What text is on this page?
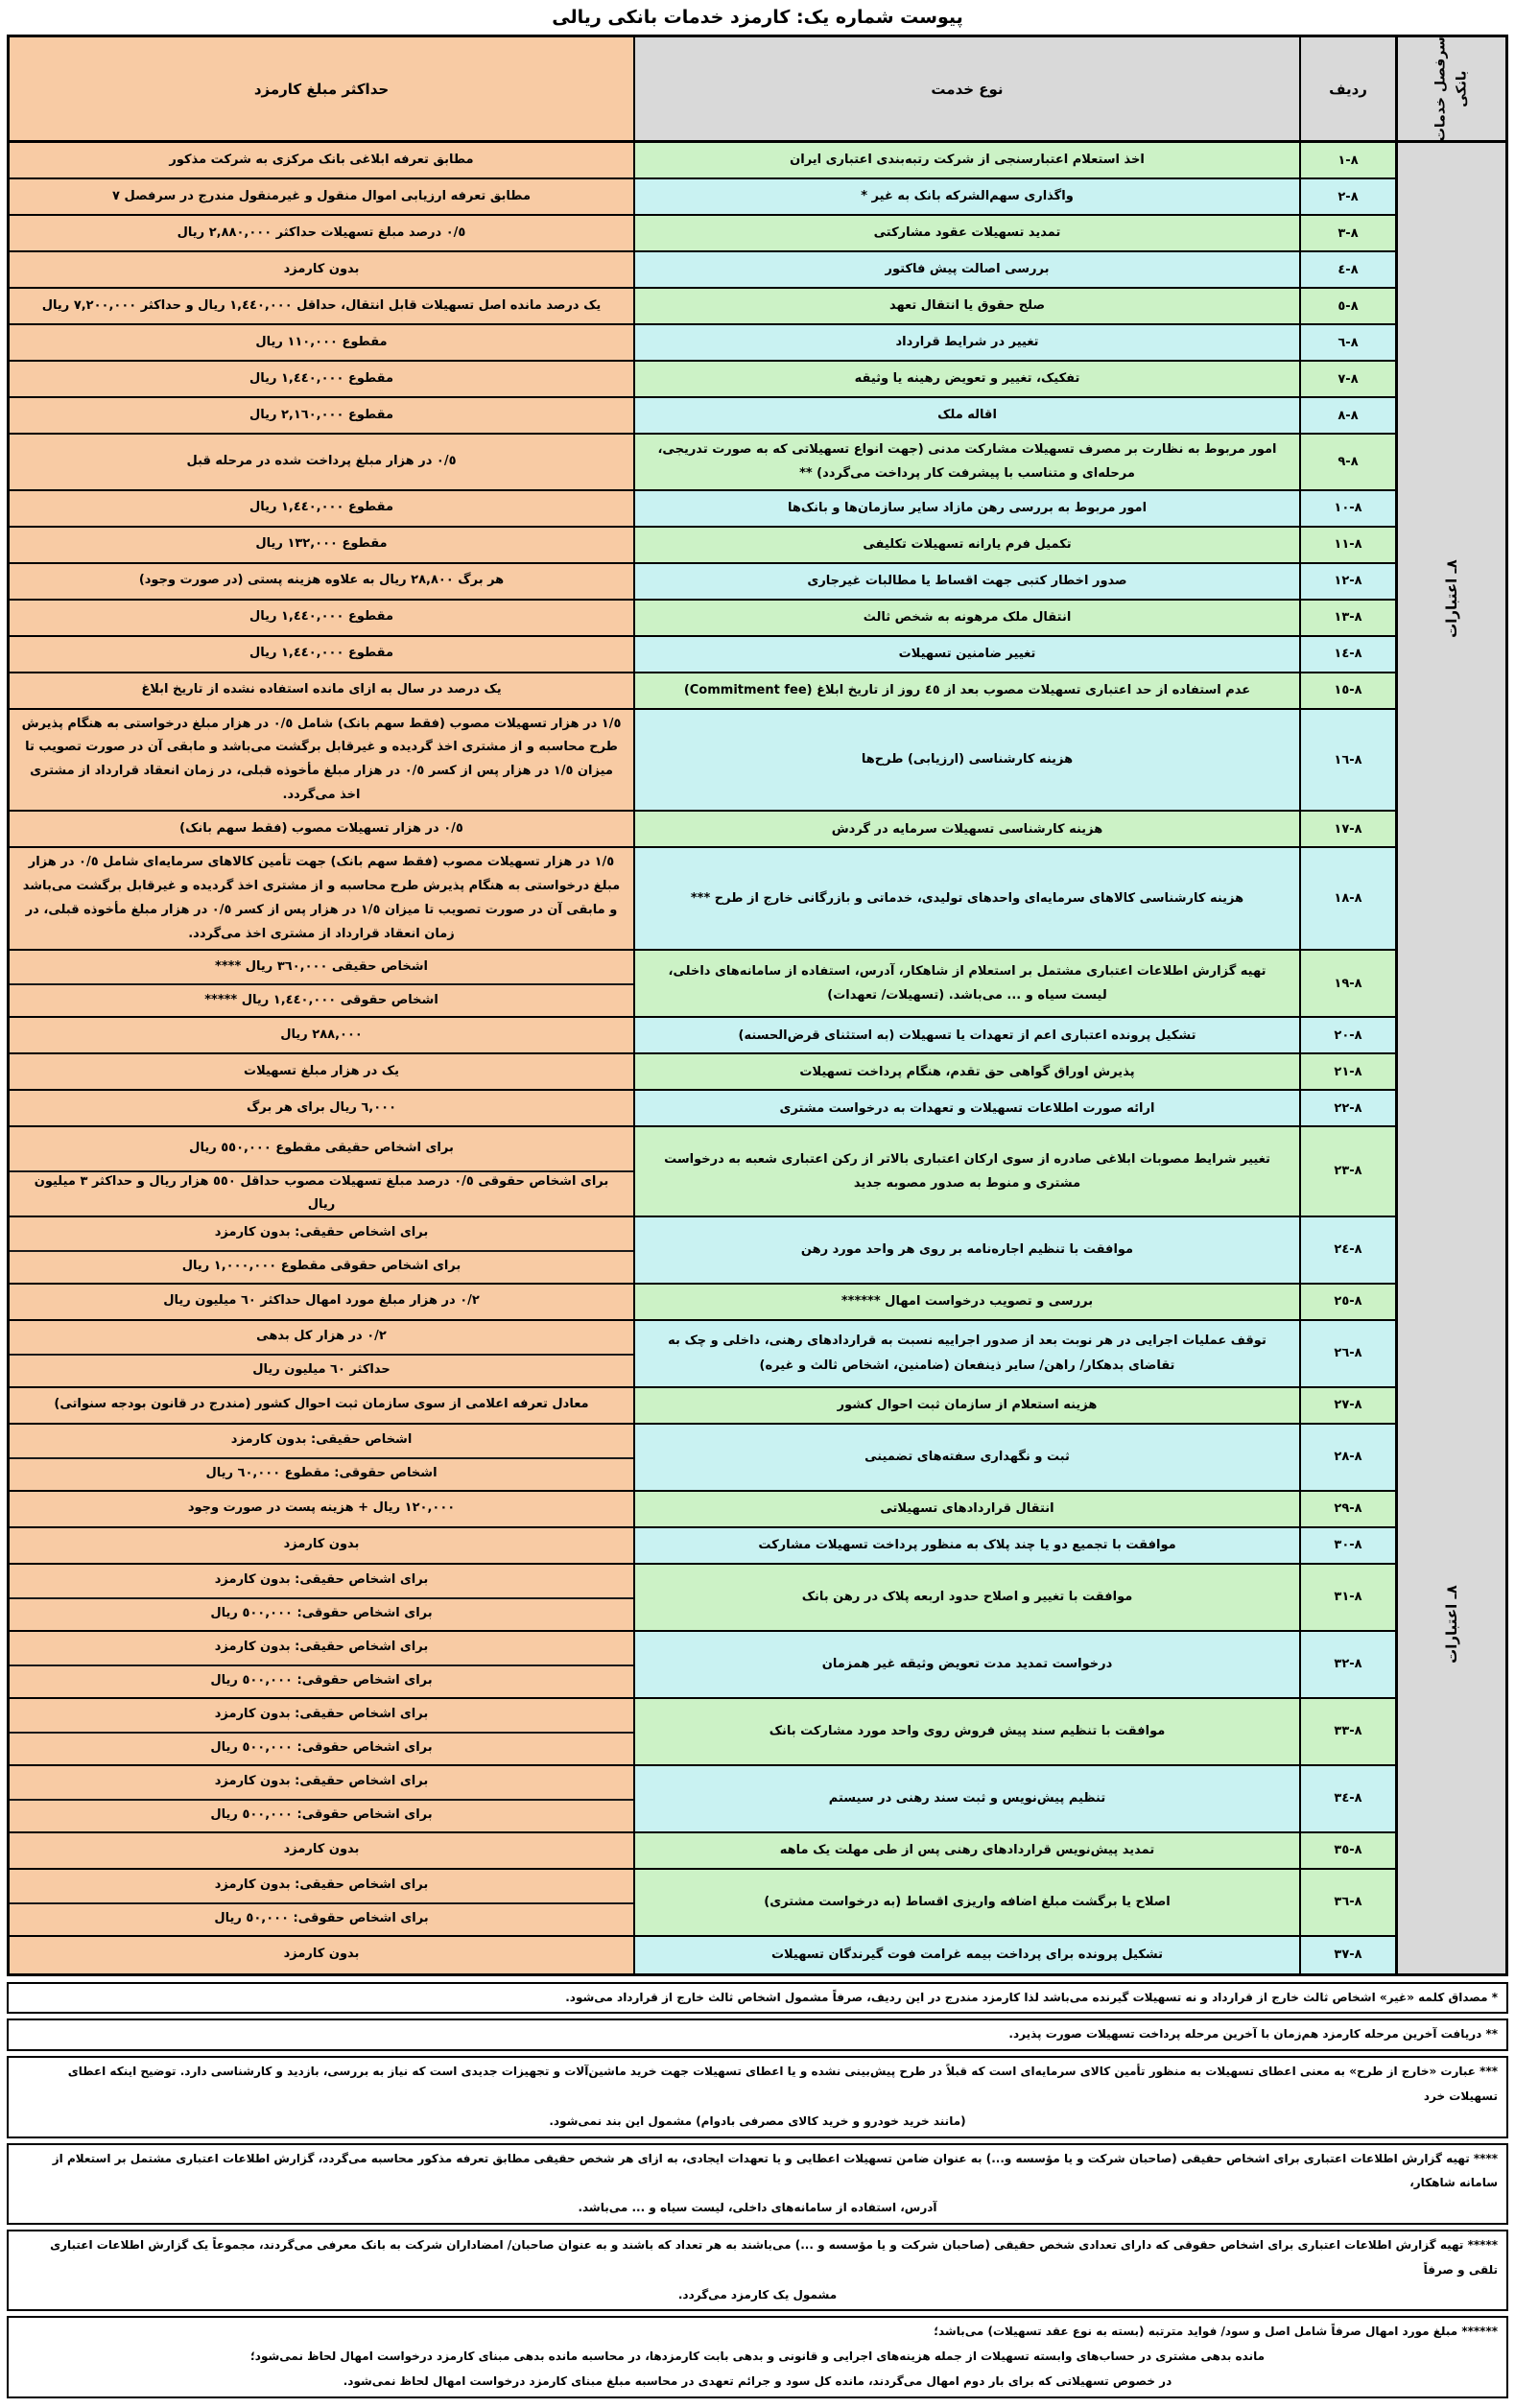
پیوست شماره یک: کارمزد خدمات بانکی ریالی
سرفصل خدمات بانکی
٨ـ اعتبارات
٨ـ اعتبارات
ردیف
نوع خدمت
حداکثر مبلغ کارمزد
٨-١
اخذ استعلام اعتبارسنجی از شرکت رتبه‌بندی اعتباری ایران
مطابق تعرفه ابلاغی بانک مرکزی به شرکت مذکور
٨-٢
واگذاری سهم‌الشرکه بانک به غیر *
مطابق تعرفه ارزیابی اموال منقول و غیرمنقول مندرج در سرفصل ٧
٨-٣
تمدید تسهیلات عقود مشارکتی
٠/٥ درصد مبلغ تسهیلات حداکثر ٢,٨٨٠,٠٠٠ ریال
٨-٤
بررسی اصالت پیش فاکتور
بدون کارمزد
٨-٥
صلح حقوق یا انتقال تعهد
یک درصد مانده اصل تسهیلات قابل انتقال، حداقل ١,٤٤٠,٠٠٠ ریال و حداکثر ٧,٢٠٠,٠٠٠ ریال
٨-٦
تغییر در شرایط قرارداد
مقطوع ١١٠,٠٠٠ ریال
٨-٧
تفکیک، تغییر و تعویض رهینه یا وثیقه
مقطوع ١,٤٤٠,٠٠٠ ریال
٨-٨
اقاله ملک
مقطوع ٢,١٦٠,٠٠٠ ریال
٨-٩
امور مربوط به نظارت بر مصرف تسهیلات مشارکت مدنی (جهت انواع تسهیلاتی که به صورت تدریجی، مرحله‌ای و متناسب با پیشرفت کار پرداخت می‌گردد) **
٠/٥ در هزار مبلغ پرداخت شده در مرحله قبل
٨-١٠
امور مربوط به بررسی رهن مازاد سایر سازمان‌ها و بانک‌ها
مقطوع ١,٤٤٠,٠٠٠ ریال
٨-١١
تکمیل فرم یارانه تسهیلات تکلیفی
مقطوع ١٣٢,٠٠٠ ریال
٨-١٢
صدور اخطار کتبی جهت اقساط یا مطالبات غیرجاری
هر برگ ٢٨,٨٠٠ ریال به علاوه هزینه پستی (در صورت وجود)
٨-١٣
انتقال ملک مرهونه به شخص ثالث
مقطوع ١,٤٤٠,٠٠٠ ریال
٨-١٤
تغییر ضامنین تسهیلات
مقطوع ١,٤٤٠,٠٠٠ ریال
٨-١٥
عدم استفاده از حد اعتباری تسهیلات مصوب بعد از ٤٥ روز از تاریخ ابلاغ (Commitment fee)
یک درصد در سال به ازای مانده استفاده نشده از تاریخ ابلاغ
٨-١٦
هزینه کارشناسی (ارزیابی) طرح‌ها
١/٥ در هزار تسهیلات مصوب (فقط سهم بانک) شامل ٠/٥ در هزار مبلغ درخواستی به هنگام پذیرش طرح محاسبه و از مشتری اخذ گردیده و غیرقابل برگشت می‌باشد و مابقی آن در صورت تصویب تا میزان ١/٥ در هزار پس از کسر ٠/٥ در هزار مبلغ مأخوذه قبلی، در زمان انعقاد قرارداد از مشتری اخذ می‌گردد.
٨-١٧
هزینه کارشناسی تسهیلات سرمایه در گردش
٠/٥ در هزار تسهیلات مصوب (فقط سهم بانک)
٨-١٨
هزینه کارشناسی کالاهای سرمایه‌ای واحدهای تولیدی، خدماتی و بازرگانی خارج از طرح ***
١/٥ در هزار تسهیلات مصوب (فقط سهم بانک) جهت تأمین کالاهای سرمایه‌ای شامل ٠/٥ در هزار مبلغ درخواستی به هنگام پذیرش طرح محاسبه و از مشتری اخذ گردیده و غیرقابل برگشت می‌باشد و مابقی آن در صورت تصویب تا میزان ١/٥ در هزار پس از کسر ٠/٥ در هزار مبلغ مأخوذه قبلی، در زمان انعقاد قرارداد از مشتری اخذ می‌گردد.
٨-١٩
تهیه گزارش اطلاعات اعتباری مشتمل بر استعلام از شاهکار، آدرس، استفاده از سامانه‌های داخلی، لیست سیاه و ... می‌باشد. (تسهیلات/ تعهدات)
اشخاص حقیقی ٣٦٠,٠٠٠ ریال ****
اشخاص حقوقی ١,٤٤٠,٠٠٠ ریال *****
٨-٢٠
تشکیل پرونده اعتباری اعم از تعهدات یا تسهیلات (به استثنای قرض‌الحسنه)
٢٨٨,٠٠٠ ریال
٨-٢١
پذیرش اوراق گواهی حق تقدم، هنگام پرداخت تسهیلات
یک در هزار مبلغ تسهیلات
٨-٢٢
ارائه صورت اطلاعات تسهیلات و تعهدات به درخواست مشتری
٦,٠٠٠ ریال برای هر برگ
٨-٢٣
تغییر شرایط مصوبات ابلاغی صادره از سوی ارکان اعتباری بالاتر از رکن اعتباری شعبه به درخواست مشتری و منوط به صدور مصوبه جدید
برای اشخاص حقیقی مقطوع ٥٥٠,٠٠٠ ریال
برای اشخاص حقوقی ٠/٥ درصد مبلغ تسهیلات مصوب حداقل ٥٥٠ هزار ریال و حداکثر ٣ میلیون ریال
٨-٢٤
موافقت با تنظیم اجاره‌نامه بر روی هر واحد مورد رهن
برای اشخاص حقیقی: بدون کارمزد
برای اشخاص حقوقی مقطوع ١,٠٠٠,٠٠٠ ریال
٨-٢٥
بررسی و تصویب درخواست امهال ******
٠/٢ در هزار مبلغ مورد امهال حداکثر ٦٠ میلیون ریال
٨-٢٦
توقف عملیات اجرایی در هر نوبت بعد از صدور اجراییه نسبت به قراردادهای رهنی، داخلی و چک به تقاضای بدهکار/ راهن/ سایر ذینفعان (ضامنین، اشخاص ثالث و غیره)
٠/٢ در هزار کل بدهی
حداکثر ٦٠ میلیون ریال
٨-٢٧
هزینه استعلام از سازمان ثبت احوال کشور
معادل تعرفه اعلامی از سوی سازمان ثبت احوال کشور (مندرج در قانون بودجه سنواتی)
٨-٢٨
ثبت و نگهداری سفته‌های تضمینی
اشخاص حقیقی: بدون کارمزد
اشخاص حقوقی: مقطوع ٦٠,٠٠٠ ریال
٨-٢٩
انتقال قراردادهای تسهیلاتی
١٢٠,٠٠٠ ریال + هزینه پست در صورت وجود
٨-٣٠
موافقت با تجمیع دو یا چند پلاک به منظور پرداخت تسهیلات مشارکت
بدون کارمزد
٨-٣١
موافقت با تغییر و اصلاح حدود اربعه پلاک در رهن بانک
برای اشخاص حقیقی: بدون کارمزد
برای اشخاص حقوقی: ٥٠٠,٠٠٠ ریال
٨-٣٢
درخواست تمدید مدت تعویض وثیقه غیر همزمان
برای اشخاص حقیقی: بدون کارمزد
برای اشخاص حقوقی: ٥٠٠,٠٠٠ ریال
٨-٣٣
موافقت با تنظیم سند پیش فروش روی واحد مورد مشارکت بانک
برای اشخاص حقیقی: بدون کارمزد
برای اشخاص حقوقی: ٥٠٠,٠٠٠ ریال
٨-٣٤
تنظیم پیش‌نویس و ثبت سند رهنی در سیستم
برای اشخاص حقیقی: بدون کارمزد
برای اشخاص حقوقی: ٥٠٠,٠٠٠ ریال
٨-٣٥
تمدید پیش‌نویس قراردادهای رهنی پس از طی مهلت یک ماهه
بدون کارمزد
٨-٣٦
اصلاح یا برگشت مبلغ اضافه واریزی اقساط (به درخواست مشتری)
برای اشخاص حقیقی: بدون کارمزد
برای اشخاص حقوقی: ٥٠,٠٠٠ ریال
٨-٣٧
تشکیل پرونده برای پرداخت بیمه غرامت فوت گیرندگان تسهیلات
بدون کارمزد
* مصداق کلمه «غیر» اشخاص ثالث خارج از قرارداد و نه تسهیلات گیرنده می‌باشد لذا کارمزد مندرج در این ردیف، صرفاً مشمول اشخاص ثالث خارج از قرارداد می‌شود.
** دریافت آخرین مرحله کارمزد هم‌زمان با آخرین مرحله پرداخت تسهیلات صورت پذیرد.
*** عبارت «خارج از طرح» به معنی اعطای تسهیلات به منظور تأمین کالای سرمایه‌ای است که قبلاً در طرح پیش‌بینی نشده و یا اعطای تسهیلات جهت خرید ماشین‌آلات و تجهیزات جدیدی است که نیاز به بررسی، بازدید و کارشناسی دارد. توضیح اینکه اعطای تسهیلات خرد
(مانند خرید خودرو و خرید کالای مصرفی بادوام) مشمول این بند نمی‌شود.
**** تهیه گزارش اطلاعات اعتباری برای اشخاص حقیقی (صاحبان شرکت و یا مؤسسه و...) به عنوان ضامن تسهیلات اعطایی و یا تعهدات ایجادی، به ازای هر شخص حقیقی مطابق تعرفه مذکور محاسبه می‌گردد، گزارش اطلاعات اعتباری مشتمل بر استعلام از سامانه شاهکار،
آدرس، استفاده از سامانه‌های داخلی، لیست سیاه و ... می‌باشد.
***** تهیه گزارش اطلاعات اعتباری برای اشخاص حقوقی که دارای تعدادی شخص حقیقی (صاحبان شرکت و یا مؤسسه و ...) می‌باشند به هر تعداد که باشند و به عنوان صاحبان/ امضاداران شرکت به بانک معرفی می‌گردند، مجموعاً یک گزارش اطلاعات اعتباری تلقی و صرفاً
مشمول یک کارمزد می‌گردد.
****** مبلغ مورد امهال صرفاً شامل اصل و سود/ فواید مترتبه (بسته به نوع عقد تسهیلات) می‌باشد؛
مانده بدهی مشتری در حساب‌های وابسته تسهیلات از جمله هزینه‌های اجرایی و قانونی و بدهی بابت کارمزدها، در محاسبه مانده بدهی مبنای کارمزد درخواست امهال لحاظ نمی‌شود؛
در خصوص تسهیلاتی که برای بار دوم امهال می‌گردند، مانده کل سود و جرائم تعهدی در محاسبه مبلغ مبنای کارمزد درخواست امهال لحاظ نمی‌شود.
